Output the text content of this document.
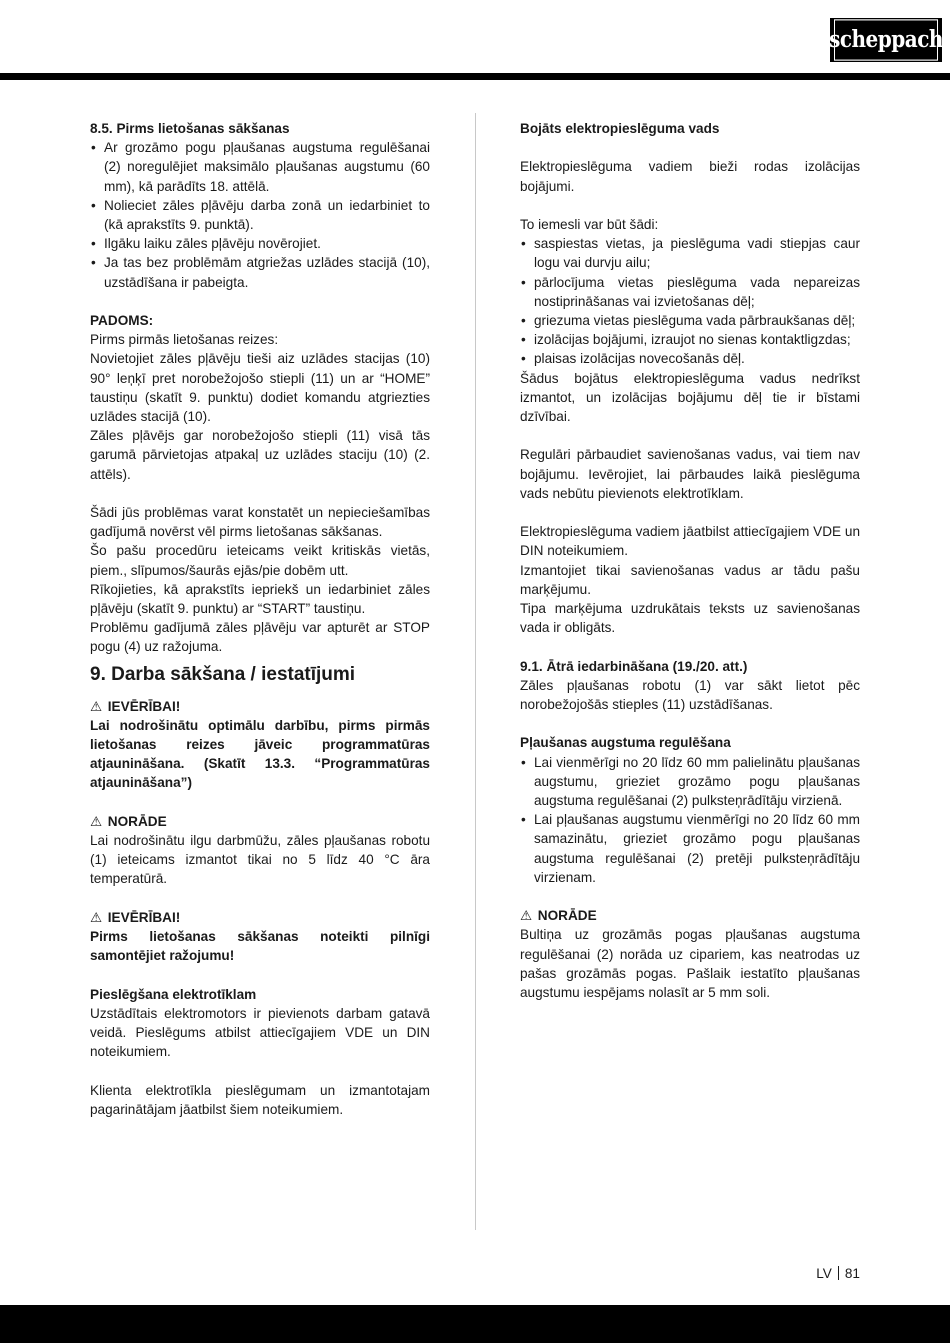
scheppach

8.5. Pirms lietošanas sākšanas

• Ar grozāmo pogu pļaušanas augstuma regulēšanai (2) noregulējiet maksimālo pļaušanas augstumu (60 mm), kā parādīts 18. attēlā.
• Nolieciet zāles pļāvēju darba zonā un iedarbiniet to (kā aprakstīts 9. punktā).
• Ilgāku laiku zāles pļāvēju novērojiet.
• Ja tas bez problēmām atgriežas uzlādes stacijā (10), uzstādīšana ir pabeigta.

PADOMS:

Pirms pirmās lietošanas reizes:

Novietojiet zāles pļāvēju tieši aiz uzlādes stacijas (10) 90° leņķī pret norobežojošo stiepli (11) un ar “HOME” taustiņu (skatīt 9. punktu) dodiet komandu atgriezties uzlādes stacijā (10).

Zāles pļāvējs gar norobežojošo stiepli (11) visā tās garumā pārvietojas atpakaļ uz uzlādes staciju (10) (2. attēls).

Šādi jūs problēmas varat konstatēt un nepieciešamības gadījumā novērst vēl pirms lietošanas sākšanas.

Šo pašu procedūru ieteicams veikt kritiskās vietās, piem., slīpumos/šaurās ejās/pie dobēm utt.

Rīkojieties, kā aprakstīts iepriekš un iedarbiniet zāles pļāvēju (skatīt 9. punktu) ar “START” taustiņu.

Problēmu gadījumā zāles pļāvēju var apturēt ar STOP pogu (4) uz ražojuma.

9. Darba sākšana / iestatījumi

⚠ IEVĒRĪBAI!

Lai nodrošinātu optimālu darbību, pirms pirmās lietošanas reizes jāveic programmatūras atjaunināšana. (Skatīt 13.3. “Programmatūras atjaunināšana”)

⚠ NORĀDE

Lai nodrošinātu ilgu darbmūžu, zāles pļaušanas robotu (1) ieteicams izmantot tikai no 5 līdz 40 °C āra temperatūrā.

⚠ IEVĒRĪBAI!

Pirms lietošanas sākšanas noteikti pilnīgi samontējiet ražojumu!

Pieslēgšana elektrotīklam

Uzstādītais elektromotors ir pievienots darbam gatavā veidā. Pieslēgums atbilst attiecīgajiem VDE un DIN noteikumiem.

Klienta elektrotīkla pieslēgumam un izmantotajam pagarinātājam jāatbilst šiem noteikumiem.

Bojāts elektropieslēguma vads

Elektropieslēguma vadiem bieži rodas izolācijas bojājumi.

To iemesli var būt šādi:

• saspiestas vietas, ja pieslēguma vadi stiepjas caur logu vai durvju ailu;
• pārlocījuma vietas pieslēguma vada nepareizas nostiprināšanas vai izvietošanas dēļ;
• griezuma vietas pieslēguma vada pārbraukšanas dēļ;
• izolācijas bojājumi, izraujot no sienas kontaktligzdas;
• plaisas izolācijas novecošanās dēļ.

Šādus bojātus elektropieslēguma vadus nedrīkst izmantot, un izolācijas bojājumu dēļ tie ir bīstami dzīvībai.

Regulāri pārbaudiet savienošanas vadus, vai tiem nav bojājumu. Ievērojiet, lai pārbaudes laikā pieslēguma vads nebūtu pievienots elektrotīklam.

Elektropieslēguma vadiem jāatbilst attiecīgajiem VDE un DIN noteikumiem.

Izmantojiet tikai savienošanas vadus ar tādu pašu marķējumu.

Tipa marķējuma uzdrukātais teksts uz savienošanas vada ir obligāts.

9.1. Ātrā iedarbināšana (19./20. att.)

Zāles pļaušanas robotu (1) var sākt lietot pēc norobežojošās stieples (11) uzstādīšanas.

Pļaušanas augstuma regulēšana

• Lai vienmērīgi no 20 līdz 60 mm palielinātu pļaušanas augstumu, grieziet grozāmo pogu pļaušanas augstuma regulēšanai (2) pulksteņrādītāju virzienā.
• Lai pļaušanas augstumu vienmērīgi no 20 līdz 60 mm samazinātu, grieziet grozāmo pogu pļaušanas augstuma regulēšanai (2) pretēji pulksteņrādītāju virzienam.

⚠ NORĀDE

Bultiņa uz grozāmās pogas pļaušanas augstuma regulēšanai (2) norāda uz cipariem, kas neatrodas uz pašas grozāmās pogas. Pašlaik iestatīto pļaušanas augstumu iespējams nolasīt ar 5 mm soli.

LV 81
